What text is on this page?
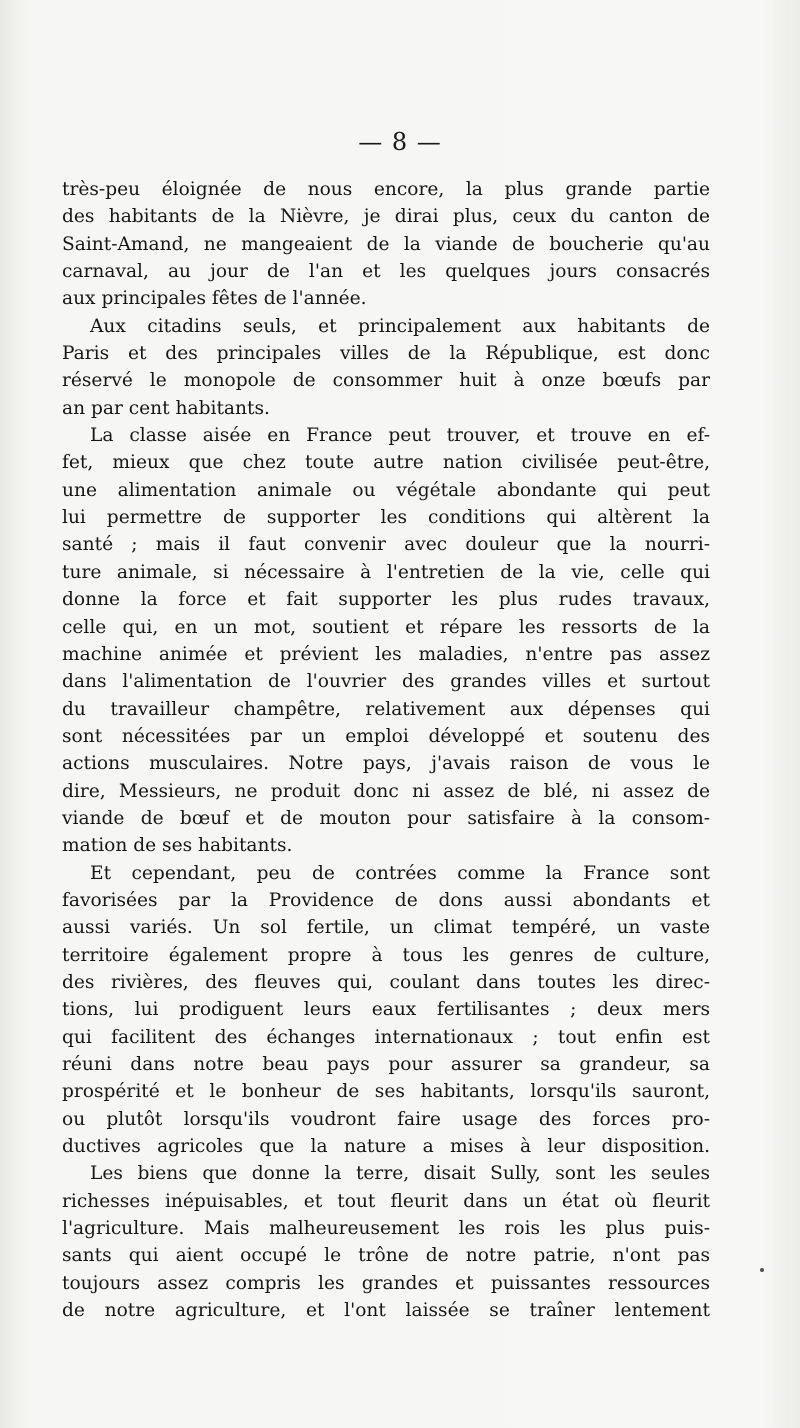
— 8 —
très-peu éloignée de nous encore, la plus grande partie
des habitants de la Nièvre, je dirai plus, ceux du canton de
Saint-Amand, ne mangeaient de la viande de boucherie qu'au
carnaval, au jour de l'an et les quelques jours consacrés
aux principales fêtes de l'année.
Aux citadins seuls, et principalement aux habitants de
Paris et des principales villes de la République, est donc
réservé le monopole de consommer huit à onze bœufs par
an par cent habitants.
La classe aisée en France peut trouver, et trouve en ef-
fet, mieux que chez toute autre nation civilisée peut-être,
une alimentation animale ou végétale abondante qui peut
lui permettre de supporter les conditions qui altèrent la
santé ; mais il faut convenir avec douleur que la nourri-
ture animale, si nécessaire à l'entretien de la vie, celle qui
donne la force et fait supporter les plus rudes travaux,
celle qui, en un mot, soutient et répare les ressorts de la
machine animée et prévient les maladies, n'entre pas assez
dans l'alimentation de l'ouvrier des grandes villes et surtout
du travailleur champêtre, relativement aux dépenses qui
sont nécessitées par un emploi développé et soutenu des
actions musculaires. Notre pays, j'avais raison de vous le
dire, Messieurs, ne produit donc ni assez de blé, ni assez de
viande de bœuf et de mouton pour satisfaire à la consom-
mation de ses habitants.
Et cependant, peu de contrées comme la France sont
favorisées par la Providence de dons aussi abondants et
aussi variés. Un sol fertile, un climat tempéré, un vaste
territoire également propre à tous les genres de culture,
des rivières, des fleuves qui, coulant dans toutes les direc-
tions, lui prodiguent leurs eaux fertilisantes ; deux mers
qui facilitent des échanges internationaux ; tout enfin est
réuni dans notre beau pays pour assurer sa grandeur, sa
prospérité et le bonheur de ses habitants, lorsqu'ils sauront,
ou plutôt lorsqu'ils voudront faire usage des forces pro-
ductives agricoles que la nature a mises à leur disposition.
Les biens que donne la terre, disait Sully, sont les seules
richesses inépuisables, et tout fleurit dans un état où fleurit
l'agriculture. Mais malheureusement les rois les plus puis-
sants qui aient occupé le trône de notre patrie, n'ont pas
toujours assez compris les grandes et puissantes ressources
de notre agriculture, et l'ont laissée se traîner lentement
